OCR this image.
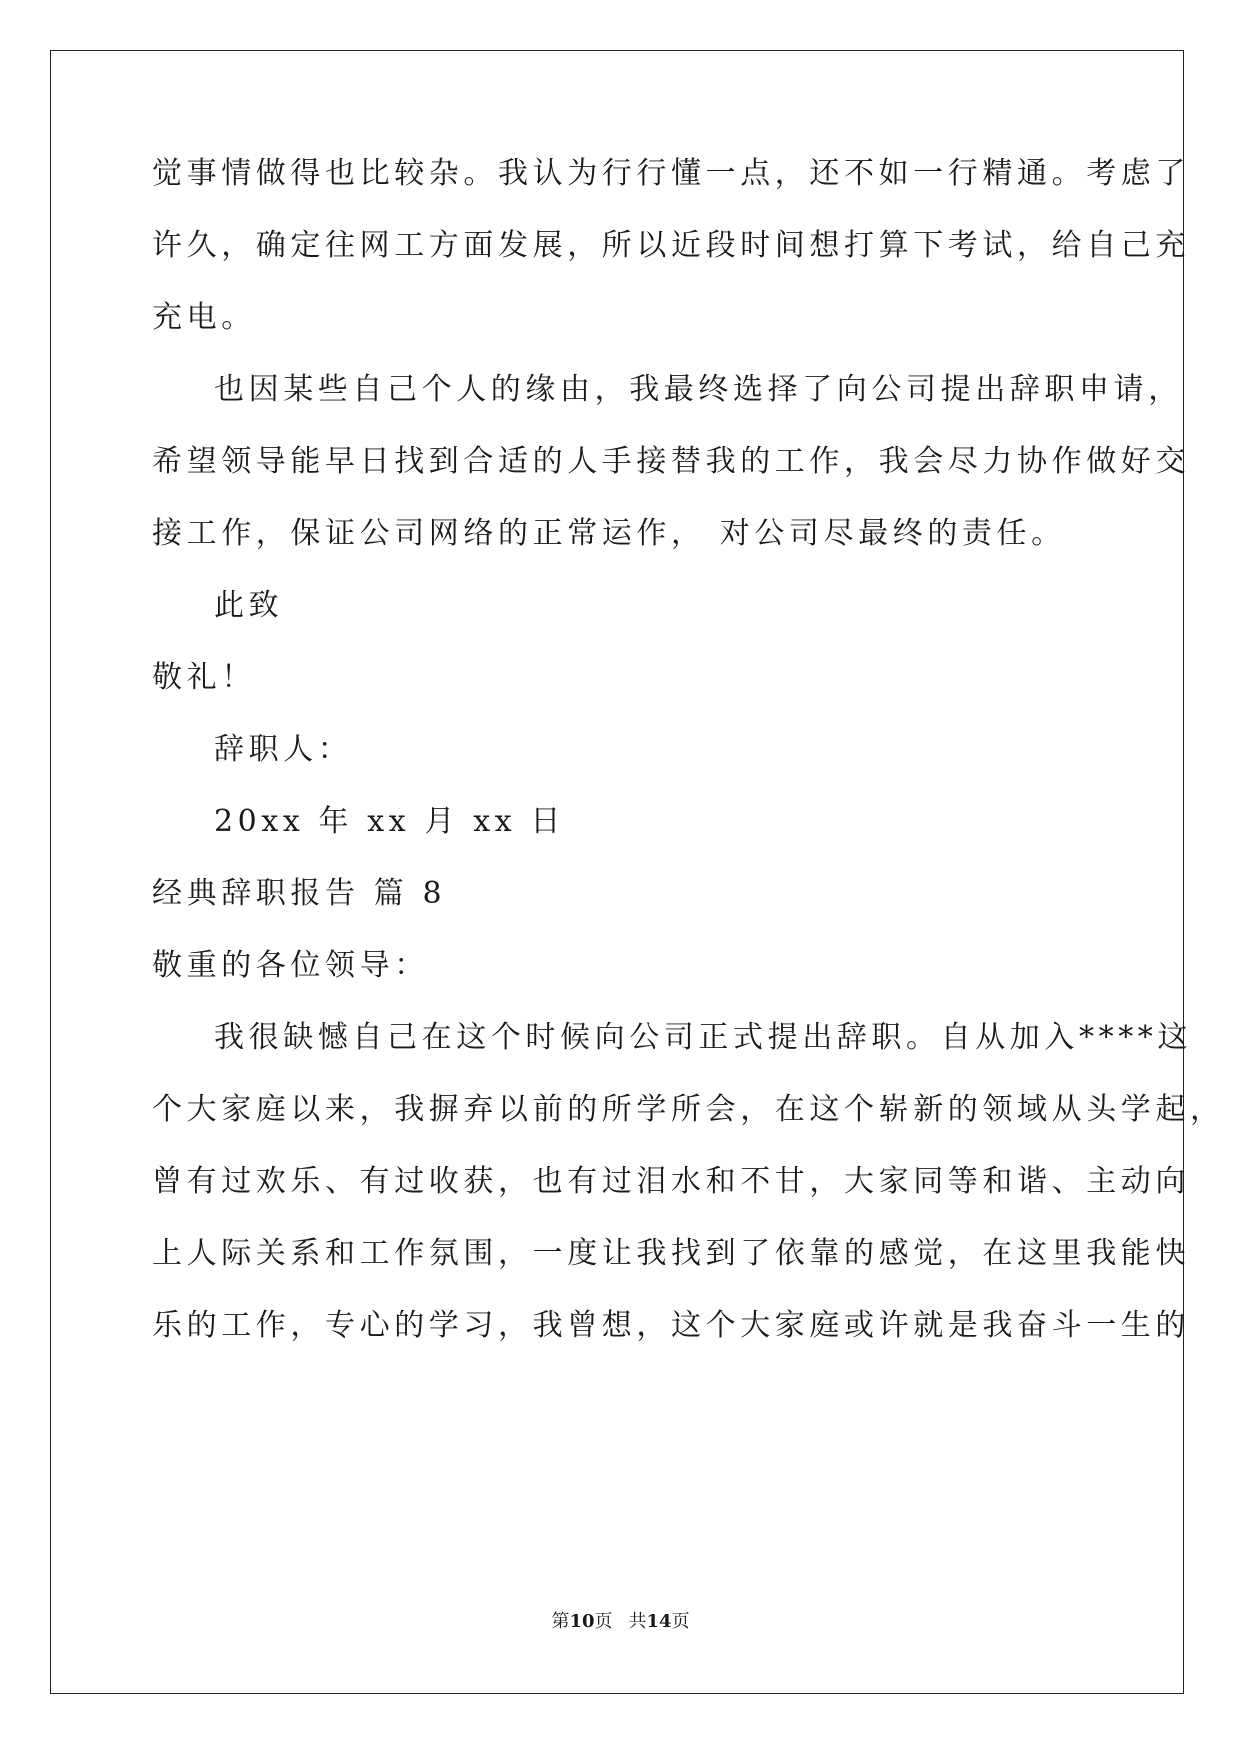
觉事情做得也比较杂。我认为行行懂一点，还不如一行精通。考虑了

许久，确定往网工方面发展，所以近段时间想打算下考试，给自己充

充电。

也因某些自己个人的缘由，我最终选择了向公司提出辞职申请，

希望领导能早日找到合适的人手接替我的工作，我会尽力协作做好交

接工作，保证公司网络的正常运作， 对公司尽最终的责任。

此致

敬礼！

辞职人：

20xx 年 xx 月 xx 日

经典辞职报告 篇 8

敬重的各位领导：

我很缺憾自己在这个时候向公司正式提出辞职。自从加入****这

个大家庭以来，我摒弃以前的所学所会，在这个崭新的领域从头学起，

曾有过欢乐、有过收获，也有过泪水和不甘，大家同等和谐、主动向

上人际关系和工作氛围，一度让我找到了依靠的感觉，在这里我能快

乐的工作，专心的学习，我曾想，这个大家庭或许就是我奋斗一生的

第10页 共14页
